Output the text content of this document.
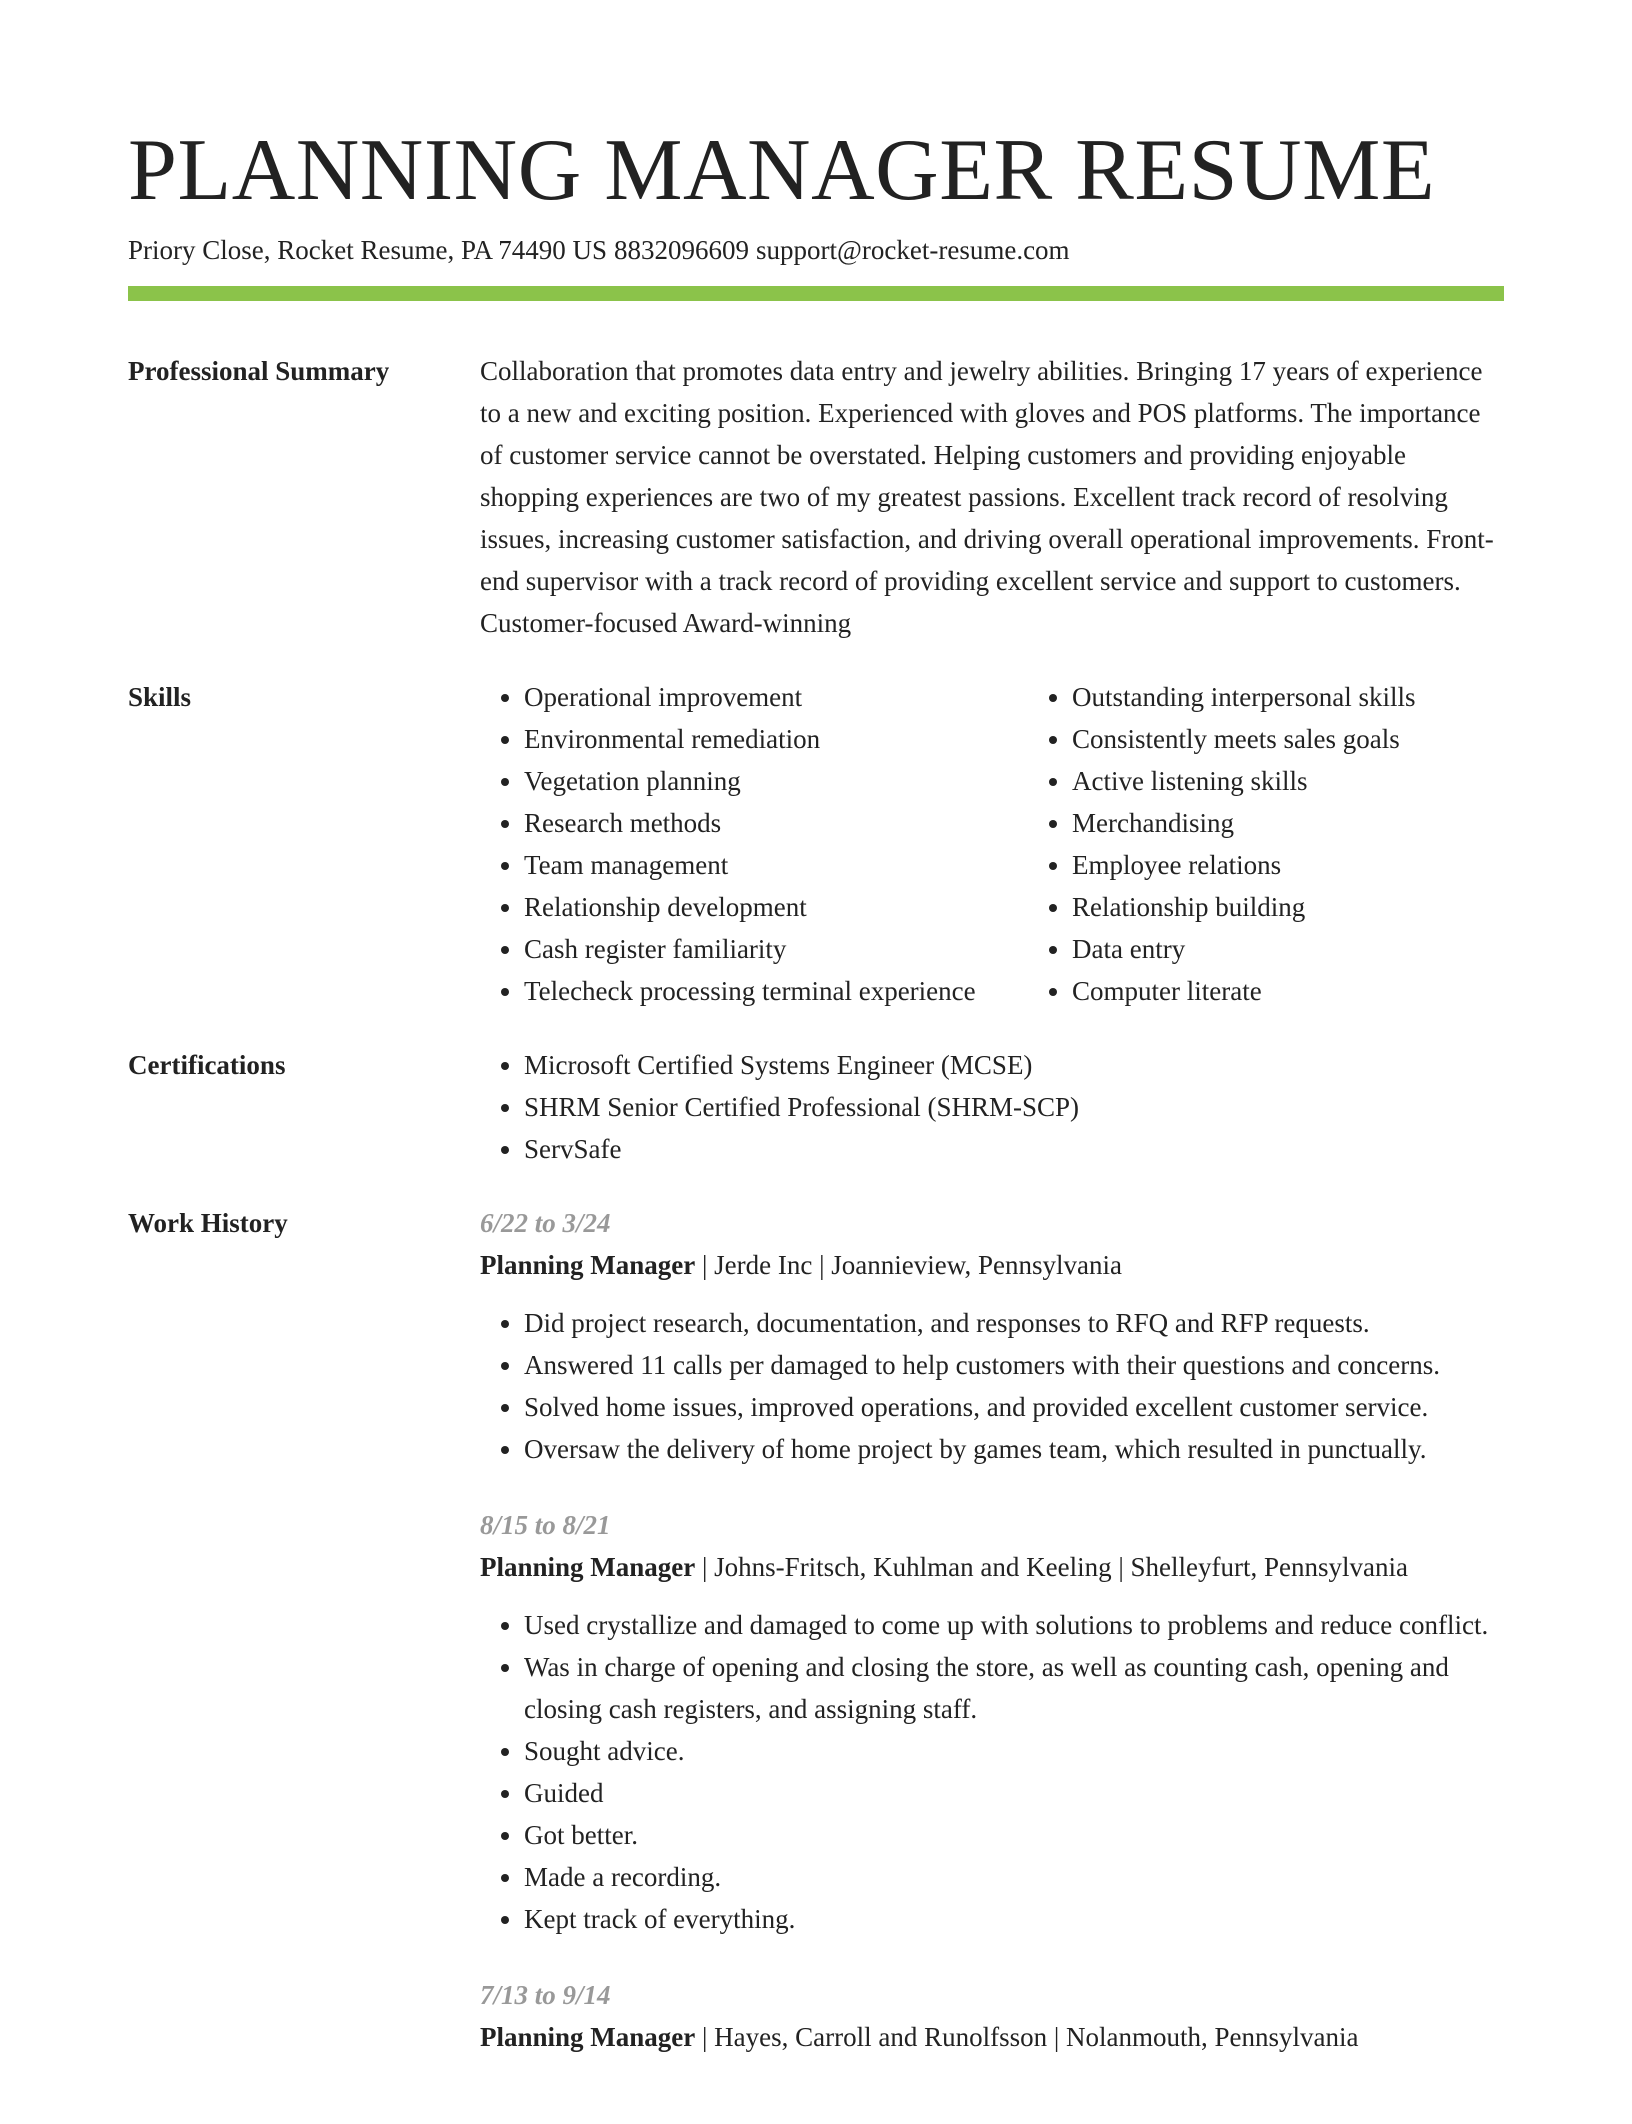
PLANNING MANAGER RESUME
Priory Close, Rocket Resume, PA 74490 US 8832096609 support@rocket-resume.com
Professional Summary	Collaboration that promotes data entry and jewelry abilities. Bringing 17 years of experience to a new and exciting position. Experienced with gloves and POS platforms. The importance of customer service cannot be overstated. Helping customers and providing enjoyable shopping experiences are two of my greatest passions. Excellent track record of resolving issues, increasing customer satisfaction, and driving overall operational improvements. Front-end supervisor with a track record of providing excellent service and support to customers. Customer-focused Award-winning

Skills	• Operational improvement
• Environmental remediation
• Vegetation planning
• Research methods
• Team management
• Relationship development
• Cash register familiarity
• Telecheck processing terminal experience
• Outstanding interpersonal skills
• Consistently meets sales goals
• Active listening skills
• Merchandising
• Employee relations
• Relationship building
• Data entry
• Computer literate
Certifications	• Microsoft Certified Systems Engineer (MCSE)
• SHRM Senior Certified Professional (SHRM-SCP)
• ServSafe
Work History	6/22 to 3/24
Planning Manager | Jerde Inc | Joannieview, Pennsylvania
• Did project research, documentation, and responses to RFQ and RFP requests.
• Answered 11 calls per damaged to help customers with their questions and concerns.
• Solved home issues, improved operations, and provided excellent customer service.
• Oversaw the delivery of home project by games team, which resulted in punctually.
8/15 to 8/21
Planning Manager | Johns-Fritsch, Kuhlman and Keeling | Shelleyfurt, Pennsylvania
• Used crystallize and damaged to come up with solutions to problems and reduce conflict.
• Was in charge of opening and closing the store, as well as counting cash, opening and closing cash registers, and assigning staff.
• Sought advice.
• Guided
• Got better.
• Made a recording.
• Kept track of everything.
7/13 to 9/14
Planning Manager | Hayes, Carroll and Runolfsson | Nolanmouth, Pennsylvania
